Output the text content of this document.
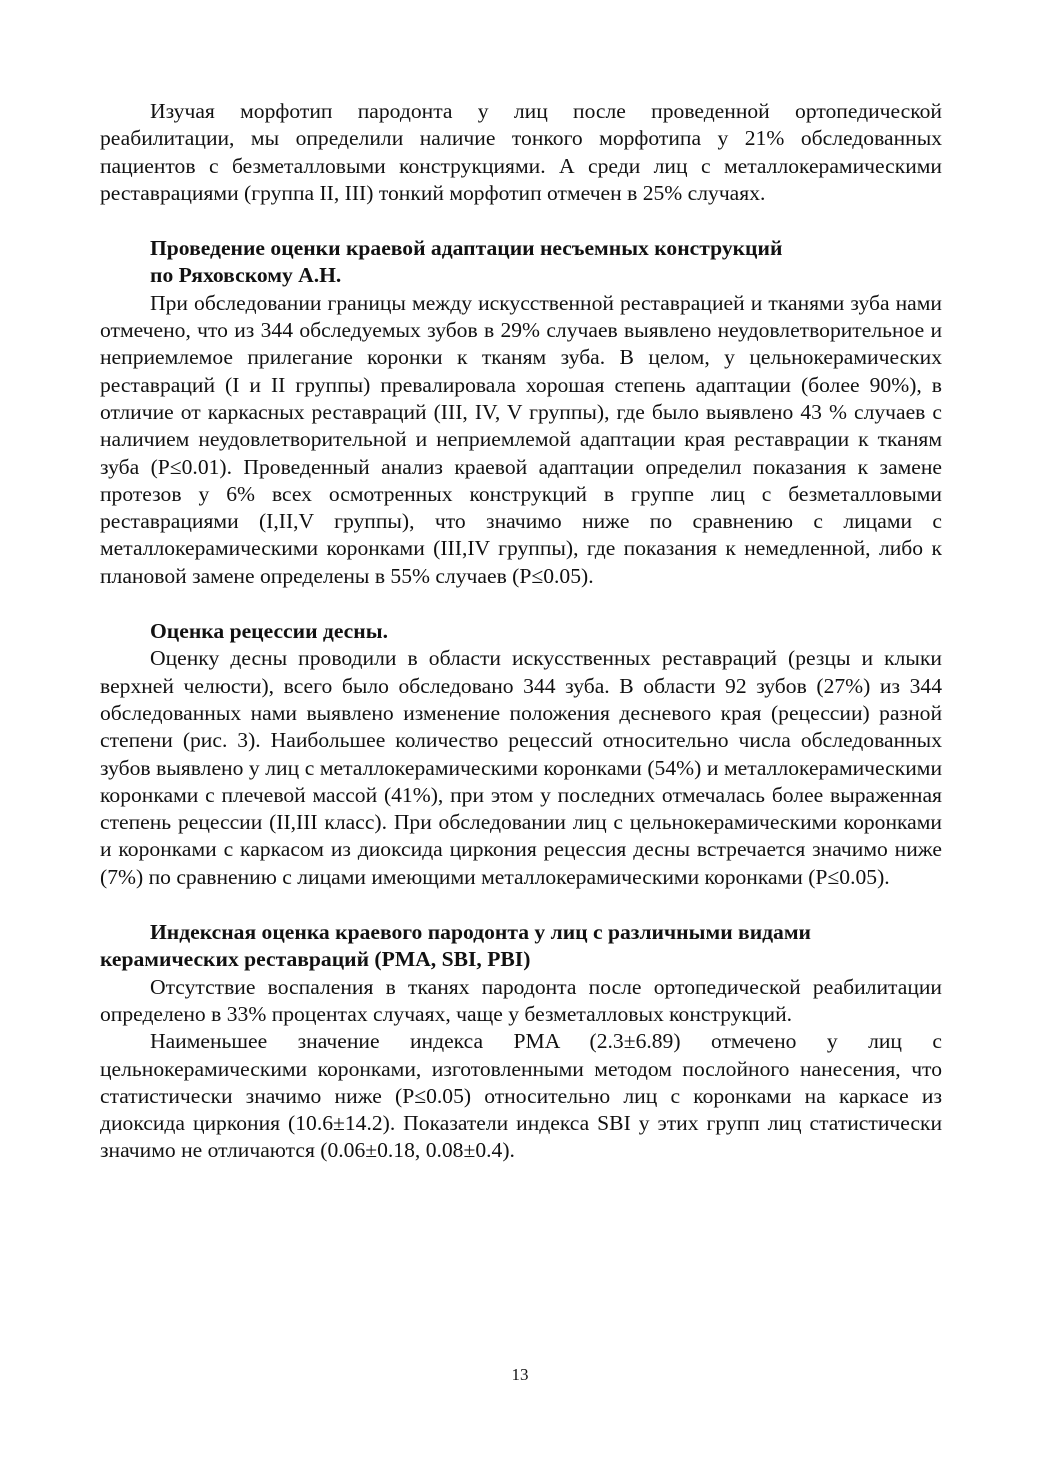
Изучая морфотип пародонта у лиц после проведенной ортопедической реабилитации, мы определили наличие тонкого морфотипа у 21% обследованных пациентов с безметалловыми конструкциями. А среди лиц с металлокерамическими реставрациями (группа II, III) тонкий морфотип отмечен в 25% случаях.

Проведение оценки краевой адаптации несъемных конструкций
по Ряховскому А.Н.

При обследовании границы между искусственной реставрацией и тканями зуба нами отмечено, что из 344 обследуемых зубов в 29% случаев выявлено неудовлетворительное и неприемлемое прилегание коронки к тканям зуба. В целом, у цельнокерамических реставраций (I и II группы) превалировала хорошая степень адаптации (более 90%), в отличие от каркасных реставраций (III, IV, V группы), где было выявлено 43 % случаев с наличием неудовлетворительной и неприемлемой адаптации края реставрации к тканям зуба (P≤0.01). Проведенный анализ краевой адаптации определил показания к замене протезов у 6% всех осмотренных конструкций в группе лиц с безметалловыми реставрациями (I,II,V группы), что значимо ниже по сравнению с лицами с металлокерамическими коронками (III,IV группы), где показания к немедленной, либо к плановой замене определены в 55% случаев (P≤0.05).

Оценка рецессии десны.

Оценку десны проводили в области искусственных реставраций (резцы и клыки верхней челюсти), всего было обследовано 344 зуба. В области 92 зубов (27%) из 344 обследованных нами выявлено изменение положения десневого края (рецессии) разной степени (рис. 3). Наибольшее количество рецессий относительно числа обследованных зубов выявлено у лиц с металлокерамическими коронками (54%) и металлокерамическими коронками с плечевой массой (41%), при этом у последних отмечалась более выраженная степень рецессии (II,III класс). При обследовании лиц с цельнокерамическими коронками и коронками с каркасом из диоксида циркония рецессия десны встречается значимо ниже (7%) по сравнению с лицами имеющими металлокерамическими коронками (P≤0.05).

Индексная оценка краевого пародонта у лиц с различными видами
керамических реставраций (PMA, SBI, PBI)

Отсутствие воспаления в тканях пародонта после ортопедической реабилитации определено в 33% процентах случаях, чаще у безметалловых конструкций.

Наименьшее значение индекса PMA (2.3±6.89) отмечено у лиц с цельнокерамическими коронками, изготовленными методом послойного нанесения, что статистически значимо ниже (P≤0.05) относительно лиц с коронками на каркасе из диоксида циркония (10.6±14.2). Показатели индекса SBI у этих групп лиц статистически значимо не отличаются (0.06±0.18, 0.08±0.4).

13
